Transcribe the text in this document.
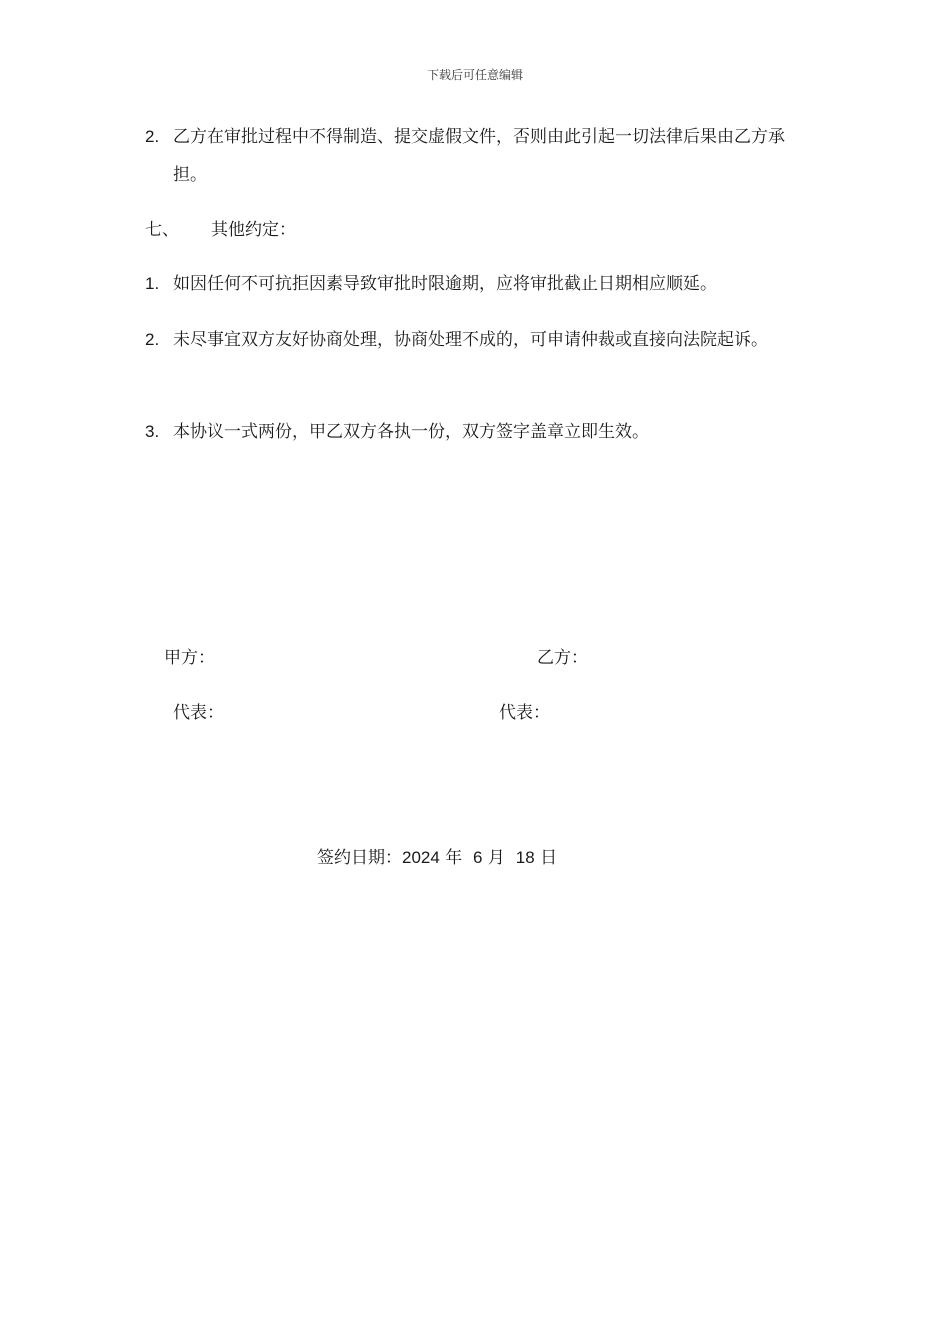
下载后可任意编辑
2. 乙方在审批过程中不得制造、提交虚假文件，否则由此引起一切法律后果由乙方承担。
七、 其他约定：
1. 如因任何不可抗拒因素导致审批时限逾期，应将审批截止日期相应顺延。
2. 未尽事宜双方友好协商处理，协商处理不成的，可申请仲裁或直接向法院起诉。
3. 本协议一式两份，甲乙双方各执一份，双方签字盖章立即生效。
甲方：	乙方：
代表：	代表：
签约日期：2024 年 6 月 18 日
